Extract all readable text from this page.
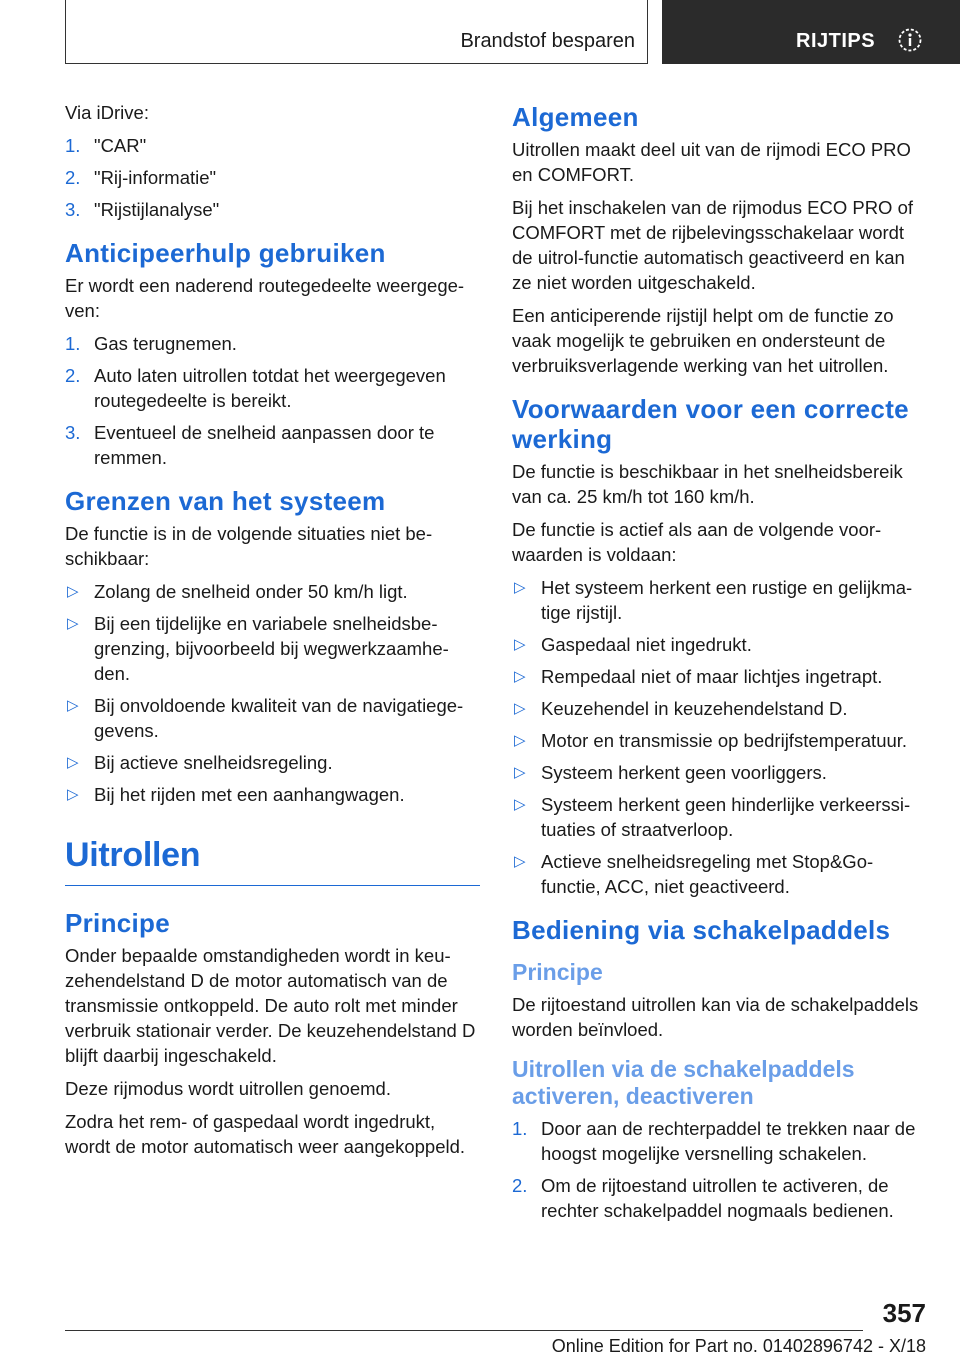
Brandstof besparen	RIJTIPS

Via iDrive:

1. "CAR"
2. "Rij-informatie"
3. "Rijstijlanalyse"
Anticipeerhulp gebruiken

Er wordt een naderend routegedeelte weergege-ven:

1. Gas terugnemen.
2. Auto laten uitrollen totdat het weergegeven routegedeelte is bereikt.
3. Eventueel de snelheid aanpassen door te remmen.
Grenzen van het systeem

De functie is in de volgende situaties niet be-schikbaar:

▷ Zolang de snelheid onder 50 km/h ligt.
▷ Bij een tijdelijke en variabele snelheidsbe-grenzing, bijvoorbeeld bij wegwerkzaamhe-den.
▷ Bij onvoldoende kwaliteit van de navigatiege-gevens.
▷ Bij actieve snelheidsregeling.
▷ Bij het rijden met een aanhangwagen.
Uitrollen
Principe

Onder bepaalde omstandigheden wordt in keu-zehendelstand D de motor automatisch van de transmissie ontkoppeld. De auto rolt met minder verbruik stationair verder. De keuzehendelstand D blijft daarbij ingeschakeld.

Deze rijmodus wordt uitrollen genoemd.

Zodra het rem- of gaspedaal wordt ingedrukt, wordt de motor automatisch weer aangekoppeld.

Algemeen

Uitrollen maakt deel uit van de rijmodi ECO PRO en COMFORT.

Bij het inschakelen van de rijmodus ECO PRO of COMFORT met de rijbelevingsschakelaar wordt de uitrol-functie automatisch geactiveerd en kan ze niet worden uitgeschakeld.

Een anticiperende rijstijl helpt om de functie zo vaak mogelijk te gebruiken en ondersteunt de verbruiksverlagende werking van het uitrollen.

Voorwaarden voor een correcte werking

De functie is beschikbaar in het snelheidsbereik van ca. 25 km/h tot 160 km/h.

De functie is actief als aan de volgende voor-waarden is voldaan:

▷ Het systeem herkent een rustige en gelijkma-tige rijstijl.
▷ Gaspedaal niet ingedrukt.
▷ Rempedaal niet of maar lichtjes ingetrapt.
▷ Keuzehendel in keuzehendelstand D.
▷ Motor en transmissie op bedrijfstemperatuur.
▷ Systeem herkent geen voorliggers.
▷ Systeem herkent geen hinderlijke verkeerssi-tuaties of straatverloop.
▷ Actieve snelheidsregeling met Stop&Go-functie, ACC, niet geactiveerd.
Bediening via schakelpaddels
Principe

De rijtoestand uitrollen kan via de schakelpaddels worden beïnvloed.

Uitrollen via de schakelpaddels activeren, deactiveren
1. Door aan de rechterpaddel te trekken naar de hoogst mogelijke versnelling schakelen.
2. Om de rijtoestand uitrollen te activeren, de rechter schakelpaddel nogmaals bedienen.
357
Online Edition for Part no. 01402896742 - X/18
